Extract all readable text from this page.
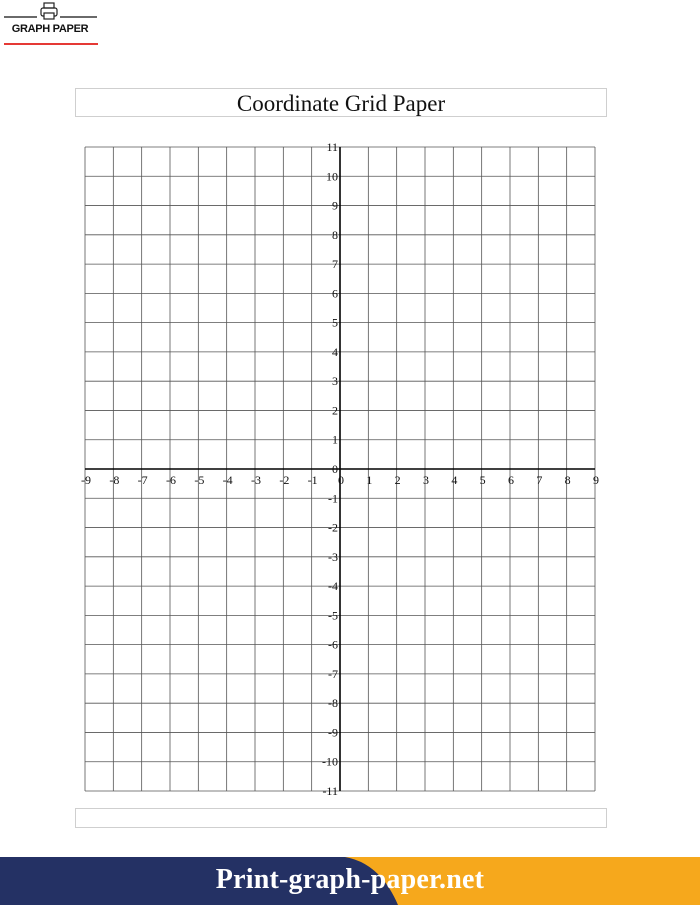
GRAPH PAPER
Coordinate Grid Paper
-9 -8 -7 -6 -5 -4 -3 -2 -1 0 1 2 3 4 5 6 7 8 9
11
10
9
8
7
6
5
4
3
2
1
0
-1
-2
-3
-4
-5
-6
-7
-8
-9
-10
-11
Print-graph-paper.net
